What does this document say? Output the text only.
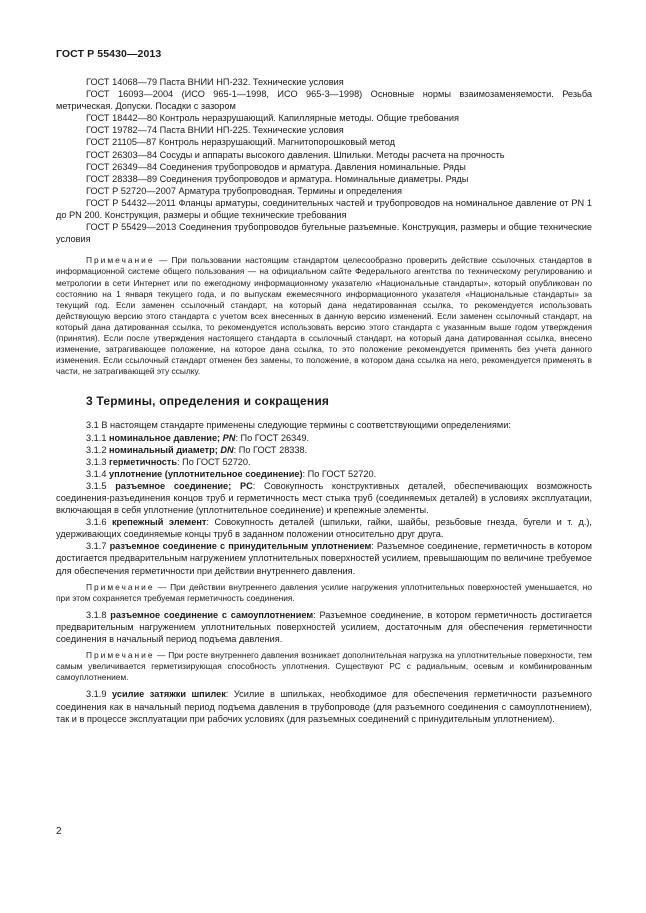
ГОСТ Р 55430—2013

ГОСТ 14068—79 Паста ВНИИ НП-232. Технические условия

ГОСТ 16093—2004 (ИСО 965-1—1998, ИСО 965-3—1998) Основные нормы взаимозаменяемости. Резьба метрическая. Допуски. Посадки с зазором

ГОСТ 18442—80 Контроль неразрушающий. Капиллярные методы. Общие требования

ГОСТ 19782—74 Паста ВНИИ НП-225. Технические условия

ГОСТ 21105—87 Контроль неразрушающий. Магнитопорошковый метод

ГОСТ 26303—84 Сосуды и аппараты высокого давления. Шпильки. Методы расчета на прочность

ГОСТ 26349—84 Соединения трубопроводов и арматура. Давления номинальные. Ряды

ГОСТ 28338—89 Соединения трубопроводов и арматура. Номинальные диаметры. Ряды

ГОСТ Р 52720—2007 Арматура трубопроводная. Термины и определения

ГОСТ Р 54432—2011 Фланцы арматуры, соединительных частей и трубопроводов на номинальное давление от PN 1 до PN 200. Конструкция, размеры и общие технические требования

ГОСТ Р 55429—2013 Соединения трубопроводов бугельные разъемные. Конструкция, размеры и общие технические условия

Примечание — При пользовании настоящим стандартом целесообразно проверить действие ссылочных стандартов в информационной системе общего пользования — на официальном сайте Федерального агентства по техническому регулированию и метрологии в сети Интернет или по ежегодному информационному указателю «Национальные стандарты», который опубликован по состоянию на 1 января текущего года, и по выпускам ежемесячного информационного указателя «Национальные стандарты» за текущий год. Если заменен ссылочный стандарт, на который дана недатированная ссылка, то рекомендуется использовать действующую версию этого стандарта с учетом всех внесенных в данную версию изменений. Если заменен ссылочный стандарт, на который дана датированная ссылка, то рекомендуется использовать версию этого стандарта с указанным выше годом утверждения (принятия). Если после утверждения настоящего стандарта в ссылочный стандарт, на который дана датированная ссылка, внесено изменение, затрагивающее положение, на которое дана ссылка, то это положение рекомендуется применять без учета данного изменения. Если ссылочный стандарт отменен без замены, то положение, в котором дана ссылка на него, рекомендуется применять в части, не затрагивающей эту ссылку.

3 Термины, определения и сокращения

3.1 В настоящем стандарте применены следующие термины с соответствующими определениями:

3.1.1 номинальное давление; PN: По ГОСТ 26349.

3.1.2 номинальный диаметр; DN: По ГОСТ 28338.

3.1.3 герметичность: По ГОСТ 52720.

3.1.4 уплотнение (уплотнительное соединение): По ГОСТ 52720.

3.1.5 разъемное соединение; PC: Совокупность конструктивных деталей, обеспечивающих возможность соединения-разъединения концов труб и герметичность мест стыка труб (соединяемых деталей) в условиях эксплуатации, включающая в себя уплотнение (уплотнительное соединение) и крепежные элементы.

3.1.6 крепежный элемент: Совокупность деталей (шпильки, гайки, шайбы, резьбовые гнезда, бугели и т. д.), удерживающих соединяемые концы труб в заданном положении относительно друг друга.

3.1.7 разъемное соединение с принудительным уплотнением: Разъемное соединение, герметичность в котором достигается предварительным нагружением уплотнительных поверхностей усилием, превышающим по величине требуемое для обеспечения герметичности при действии внутреннего давления.

Примечание — При действии внутреннего давления усилие нагружения уплотнительных поверхностей уменьшается, но при этом сохраняется требуемая герметичность соединения.

3.1.8 разъемное соединение с самоуплотнением: Разъемное соединение, в котором герметичность достигается предварительным нагружением уплотнительных поверхностей усилием, достаточным для обеспечения герметичности соединения в начальный период подъема давления.

Примечание — При росте внутреннего давления возникает дополнительная нагрузка на уплотнительные поверхности, тем самым увеличивается герметизирующая способность уплотнения. Существуют PC с радиальным, осевым и комбинированным самоуплотнением.

3.1.9 усилие затяжки шпилек: Усилие в шпильках, необходимое для обеспечения герметичности разъемного соединения как в начальный период подъема давления в трубопроводе (для разъемного соединения с самоуплотнением), так и в процессе эксплуатации при рабочих условиях (для разъемных соединений с принудительным уплотнением).

2
